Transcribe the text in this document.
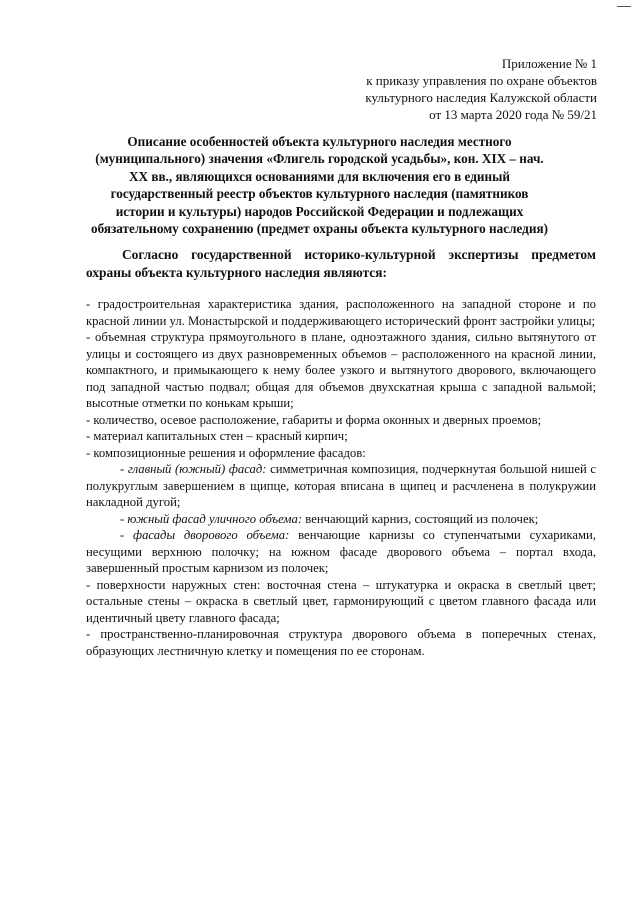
Приложение № 1
к приказу управления по охране объектов
культурного наследия Калужской области
от 13 марта 2020 года № 59/21
Описание особенностей объекта культурного наследия местного (муниципального) значения «Флигель городской усадьбы», кон. XIX – нач. XX вв., являющихся основаниями для включения его в единый государственный реестр объектов культурного наследия (памятников истории и культуры) народов Российской Федерации и подлежащих обязательному сохранению (предмет охраны объекта культурного наследия)
Согласно государственной историко-культурной экспертизы предметом охраны объекта культурного наследия являются:

- градостроительная характеристика здания, расположенного на западной стороне и по красной линии ул. Монастырской и поддерживающего исторический фронт застройки улицы;

- объемная структура прямоугольного в плане, одноэтажного здания, сильно вытянутого от улицы и состоящего из двух разновременных объемов – расположенного на красной линии, компактного, и примыкающего к нему более узкого и вытянутого дворового, включающего под западной частью подвал; общая для объемов двухскатная крыша с западной вальмой; высотные отметки по конькам крыши;

- количество, осевое расположение, габариты и форма оконных и дверных проемов;

- материал капитальных стен – красный кирпич;

- композиционные решения и оформление фасадов:

- главный (южный) фасад: симметричная композиция, подчеркнутая большой нишей с полукруглым завершением в щипце, которая вписана в щипец и расчленена в полукружии накладной дугой;

- южный фасад уличного объема: венчающий карниз, состоящий из полочек;

- фасады дворового объема: венчающие карнизы со ступенчатыми сухариками, несущими верхнюю полочку; на южном фасаде дворового объема – портал входа, завершенный простым карнизом из полочек;

- поверхности наружных стен: восточная стена – штукатурка и окраска в светлый цвет; остальные стены – окраска в светлый цвет, гармонирующий с цветом главного фасада или идентичный цвету главного фасада;

- пространственно-планировочная структура дворового объема в поперечных стенах, образующих лестничную клетку и помещения по ее сторонам.
